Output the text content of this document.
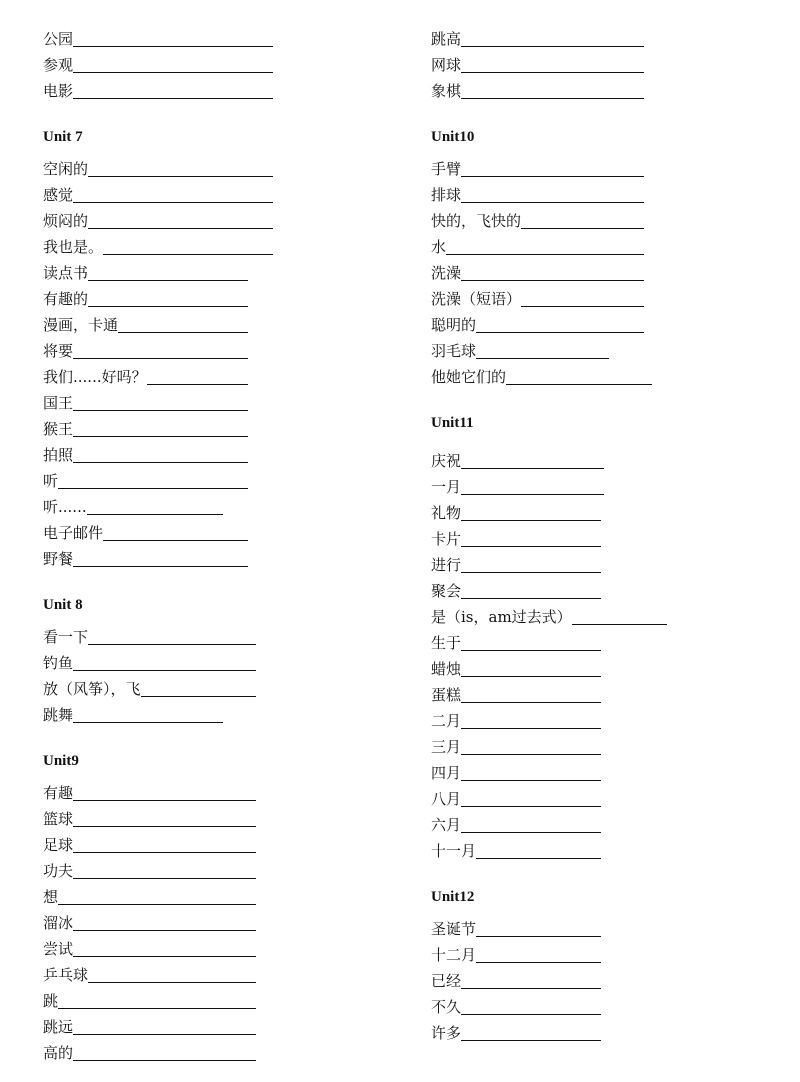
公园
参观
电影
Unit 7
空闲的
感觉
烦闷的
我也是。
读点书
有趣的
漫画，卡通
将要
我们......好吗？
国王
猴王
拍照
听
听......
电子邮件
野餐
Unit 8
看一下
钓鱼
放（风筝），飞
跳舞
Unit9
有趣
篮球
足球
功夫
想
溜冰
尝试
乒乓球
跳
跳远
高的
跳高
网球
象棋
Unit10
手臂
排球
快的，飞快的
水
洗澡
洗澡（短语）
聪明的
羽毛球
他她它们的
Unit11
庆祝
一月
礼物
卡片
进行
聚会
是（is，am过去式）
生于
蜡烛
蛋糕
二月
三月
四月
八月
六月
十一月
Unit12
圣诞节
十二月
已经
不久
许多
